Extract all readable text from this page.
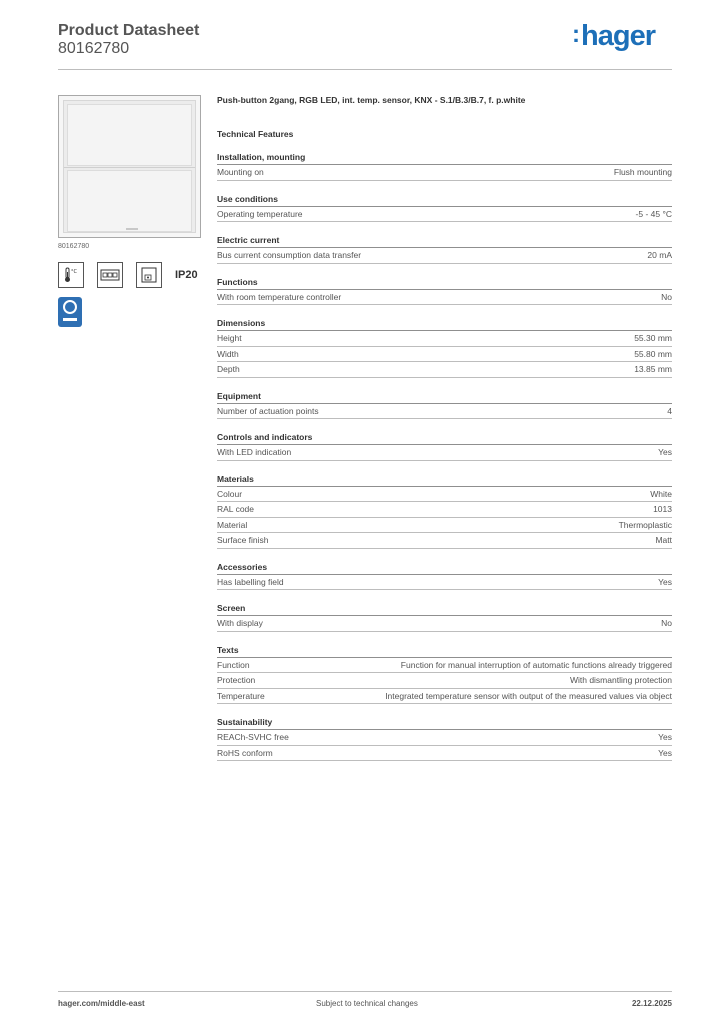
Product Datasheet
80162780
:hager
80162780
°C	IP20
Push-button 2gang, RGB LED, int. temp. sensor, KNX - S.1/B.3/B.7, f. p.white
Technical Features
Installation, mounting
Mounting on	Flush mounting
Use conditions
Operating temperature	-5 - 45 °C
Electric current
Bus current consumption data transfer	20 mA
Functions
With room temperature controller	No
Dimensions
Height	55.30 mm
Width	55.80 mm
Depth	13.85 mm
Equipment
Number of actuation points	4
Controls and indicators
With LED indication	Yes
Materials
Colour	White
RAL code	1013
Material	Thermoplastic
Surface finish	Matt
Accessories
Has labelling field	Yes
Screen
With display	No
Texts
Function	Function for manual interruption of automatic functions already triggered
Protection	With dismantling protection
Temperature	Integrated temperature sensor with output of the measured values via object
Sustainability
REACh-SVHC free	Yes
RoHS conform	Yes
hager.com/middle-east	Subject to technical changes	22.12.2025
